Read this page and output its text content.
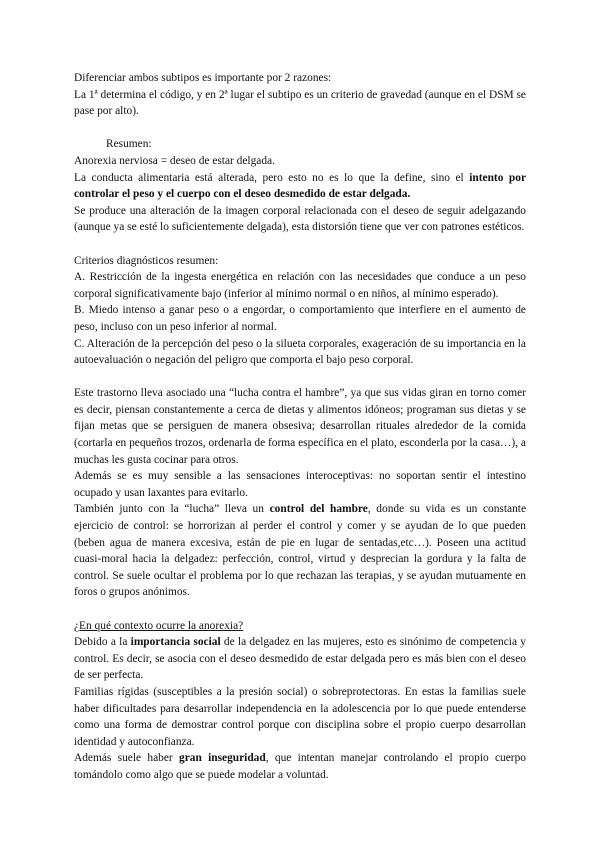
Diferenciar ambos subtipos es importante por 2 razones:

La 1ª determina el código, y en 2ª lugar el subtipo es un criterio de gravedad (aunque en el DSM se pase por alto).

Resumen:

Anorexia nerviosa = deseo de estar delgada.

La conducta alimentaria está alterada, pero esto no es lo que la define, sino el intento por controlar el peso y el cuerpo con el deseo desmedido de estar delgada.

Se produce una alteración de la imagen corporal relacionada con el deseo de seguir adelgazando (aunque ya se esté lo suficientemente delgada), esta distorsión tiene que ver con patrones estéticos.

Criterios diagnósticos resumen:

A. Restricción de la ingesta energética en relación con las necesidades que conduce a un peso corporal significativamente bajo (inferior al mínimo normal o en niños, al mínimo esperado).

B. Miedo intenso a ganar peso o a engordar, o comportamiento que interfiere en el aumento de peso, incluso con un peso inferior al normal.

C. Alteración de la percepción del peso o la silueta corporales, exageración de su importancia en la autoevaluación o negación del peligro que comporta el bajo peso corporal.

Este trastorno lleva asociado una “lucha contra el hambre”, ya que sus vidas giran en torno comer es decir, piensan constantemente a cerca de dietas y alimentos idóneos; programan sus dietas y se fijan metas que se persiguen de manera obsesiva; desarrollan rituales alrededor de la comida (cortarla en pequeños trozos, ordenarla de forma específica en el plato, esconderla por la casa…), a muchas les gusta cocinar para otros.

Además se es muy sensible a las sensaciones interoceptivas: no soportan sentir el intestino ocupado y usan laxantes para evitarlo.

También junto con la “lucha” lleva un control del hambre, donde su vida es un constante ejercicio de control: se horrorizan al perder el control y comer y se ayudan de lo que pueden (beben agua de manera excesiva, están de pie en lugar de sentadas,etc…). Poseen una actitud cuasi-moral hacia la delgadez: perfección, control, virtud y desprecian la gordura y la falta de control. Se suele ocultar el problema por lo que rechazan las terapias, y se ayudan mutuamente en foros o grupos anónimos.

¿En qué contexto ocurre la anorexia?

Debido a la importancia social de la delgadez en las mujeres, esto es sinónimo de competencia y control. Es decir, se asocia con el deseo desmedido de estar delgada pero es más bien con el deseo de ser perfecta.

Familias rígidas (susceptibles a la presión social) o sobreprotectoras. En estas la familias suele haber dificultades para desarrollar independencia en la adolescencia por lo que puede entenderse como una forma de demostrar control porque con disciplina sobre el propio cuerpo desarrollan identidad y autoconfianza.

Además suele haber gran inseguridad, que intentan manejar controlando el propio cuerpo tomándolo como algo que se puede modelar a voluntad.
